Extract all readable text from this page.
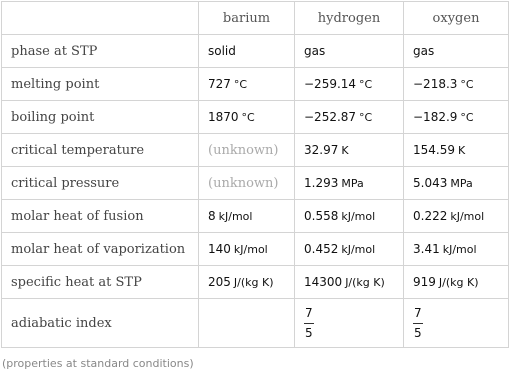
	barium	hydrogen	oxygen
phase at STP	solid	gas	gas
melting point	727 °C	−259.14 °C	−218.3 °C
boiling point	1870 °C	−252.87 °C	−182.9 °C
critical temperature	(unknown)	32.97 K	154.59 K
critical pressure	(unknown)	1.293 MPa	5.043 MPa
molar heat of fusion	8 kJ/mol	0.558 kJ/mol	0.222 kJ/mol
molar heat of vaporization	140 kJ/mol	0.452 kJ/mol	3.41 kJ/mol
specific heat at STP	205 J/(kg K)	14300 J/(kg K)	919 J/(kg K)
adiabatic index		$\frac{7}{5}$	$\frac{7}{5}$
(properties at standard conditions)
